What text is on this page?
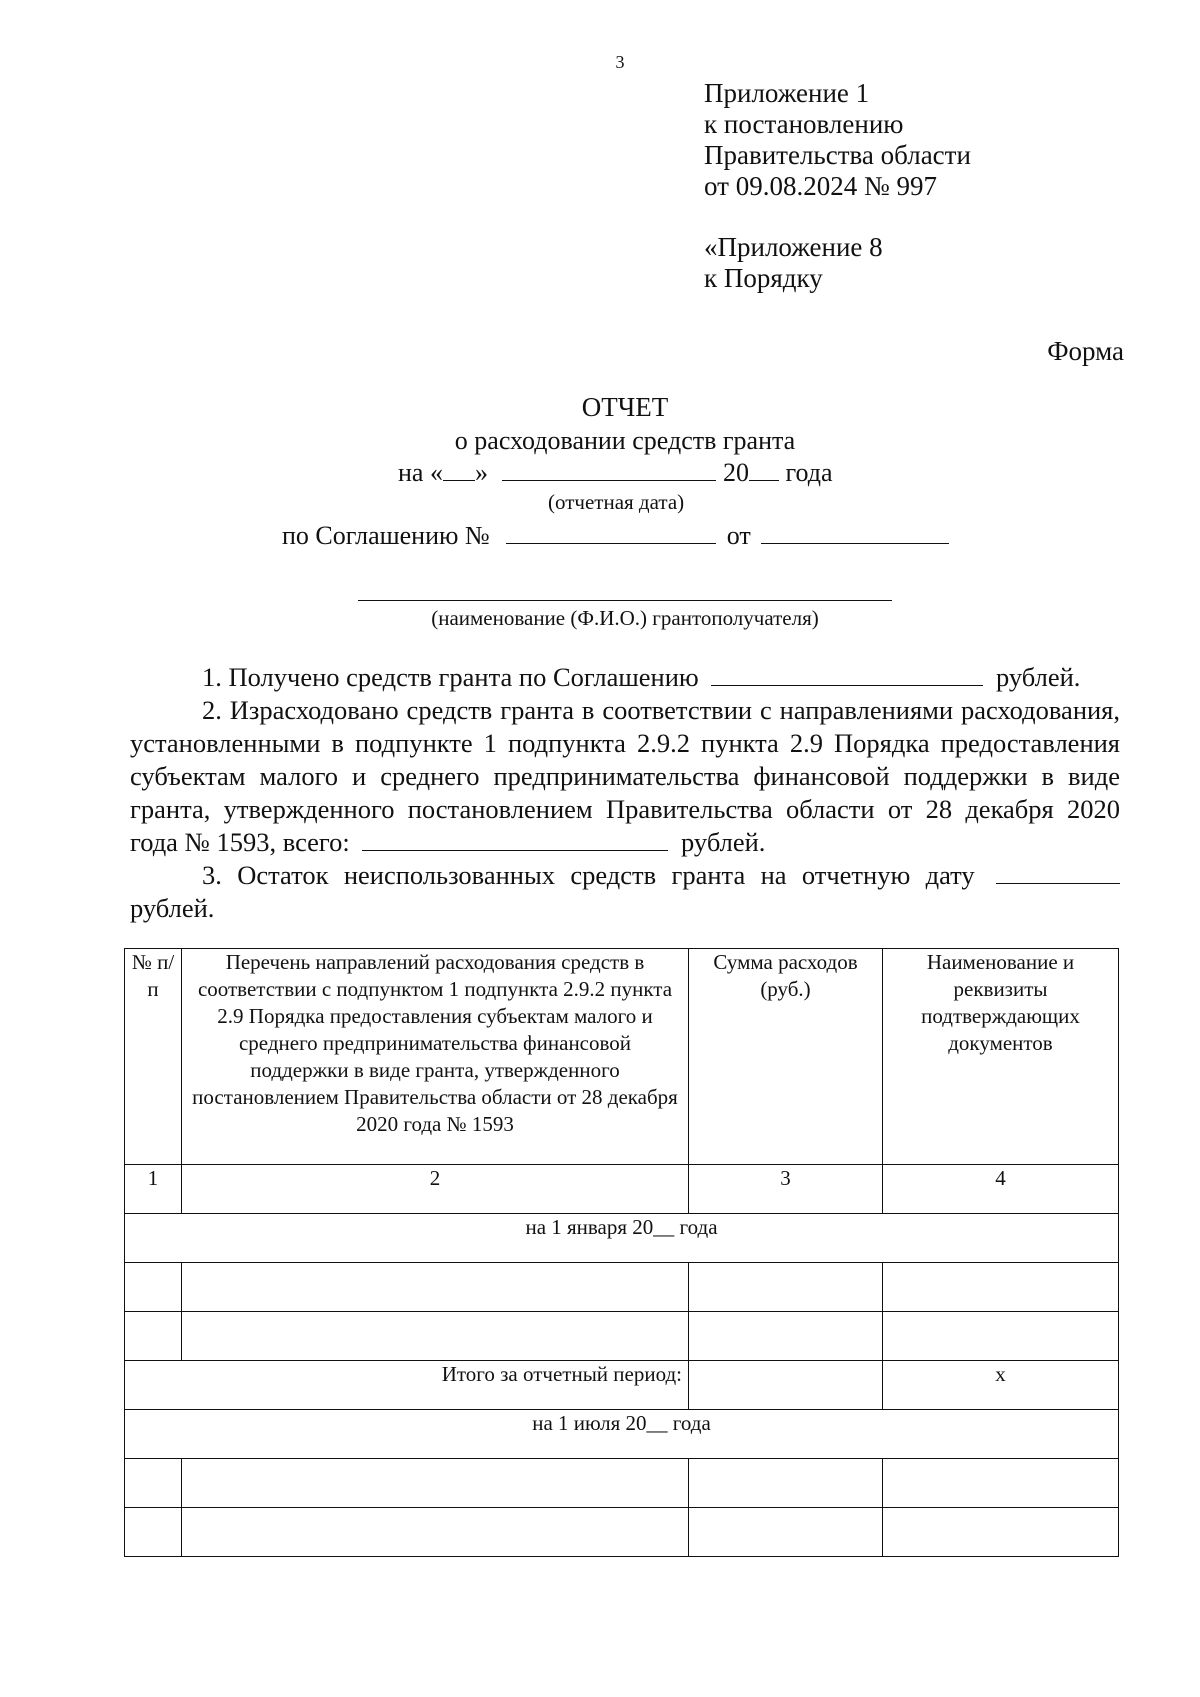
3
Приложение 1
к постановлению
Правительства области
от 09.08.2024 № 997
«Приложение 8
к Порядку
Форма
ОТЧЕТ
о расходовании средств гранта
на « »	20 года
(отчетная дата)
по Соглашению №	от
(наименование (Ф.И.О.) грантополучателя)

1. Получено средств гранта по Соглашению	рублей.

2. Израсходовано средств гранта в соответствии с направлениями расходования, установленными в подпункте 1 подпункта 2.9.2 пункта 2.9 Порядка предоставления субъектам малого и среднего предпринимательства финансовой поддержки в виде гранта, утвержденного постановлением Правительства области от 28 декабря 2020 года № 1593, всего:	рублей.

3. Остаток неиспользованных средств гранта на отчетную дату  рублей.

№ п/п	Перечень направлений расходования средств в соответствии с подпунктом 1 подпункта 2.9.2 пункта 2.9 Порядка предоставления субъектам малого и среднего предпринимательства финансовой поддержки в виде гранта, утвержденного постановлением Правительства области от 28 декабря 2020 года № 1593	Сумма расходов (руб.)	Наименование и реквизиты подтверждающих документов
1	2	3	4
на 1 января 20__ года			

Итого за отчетный период:			х
на 1 июля 20__ года			
